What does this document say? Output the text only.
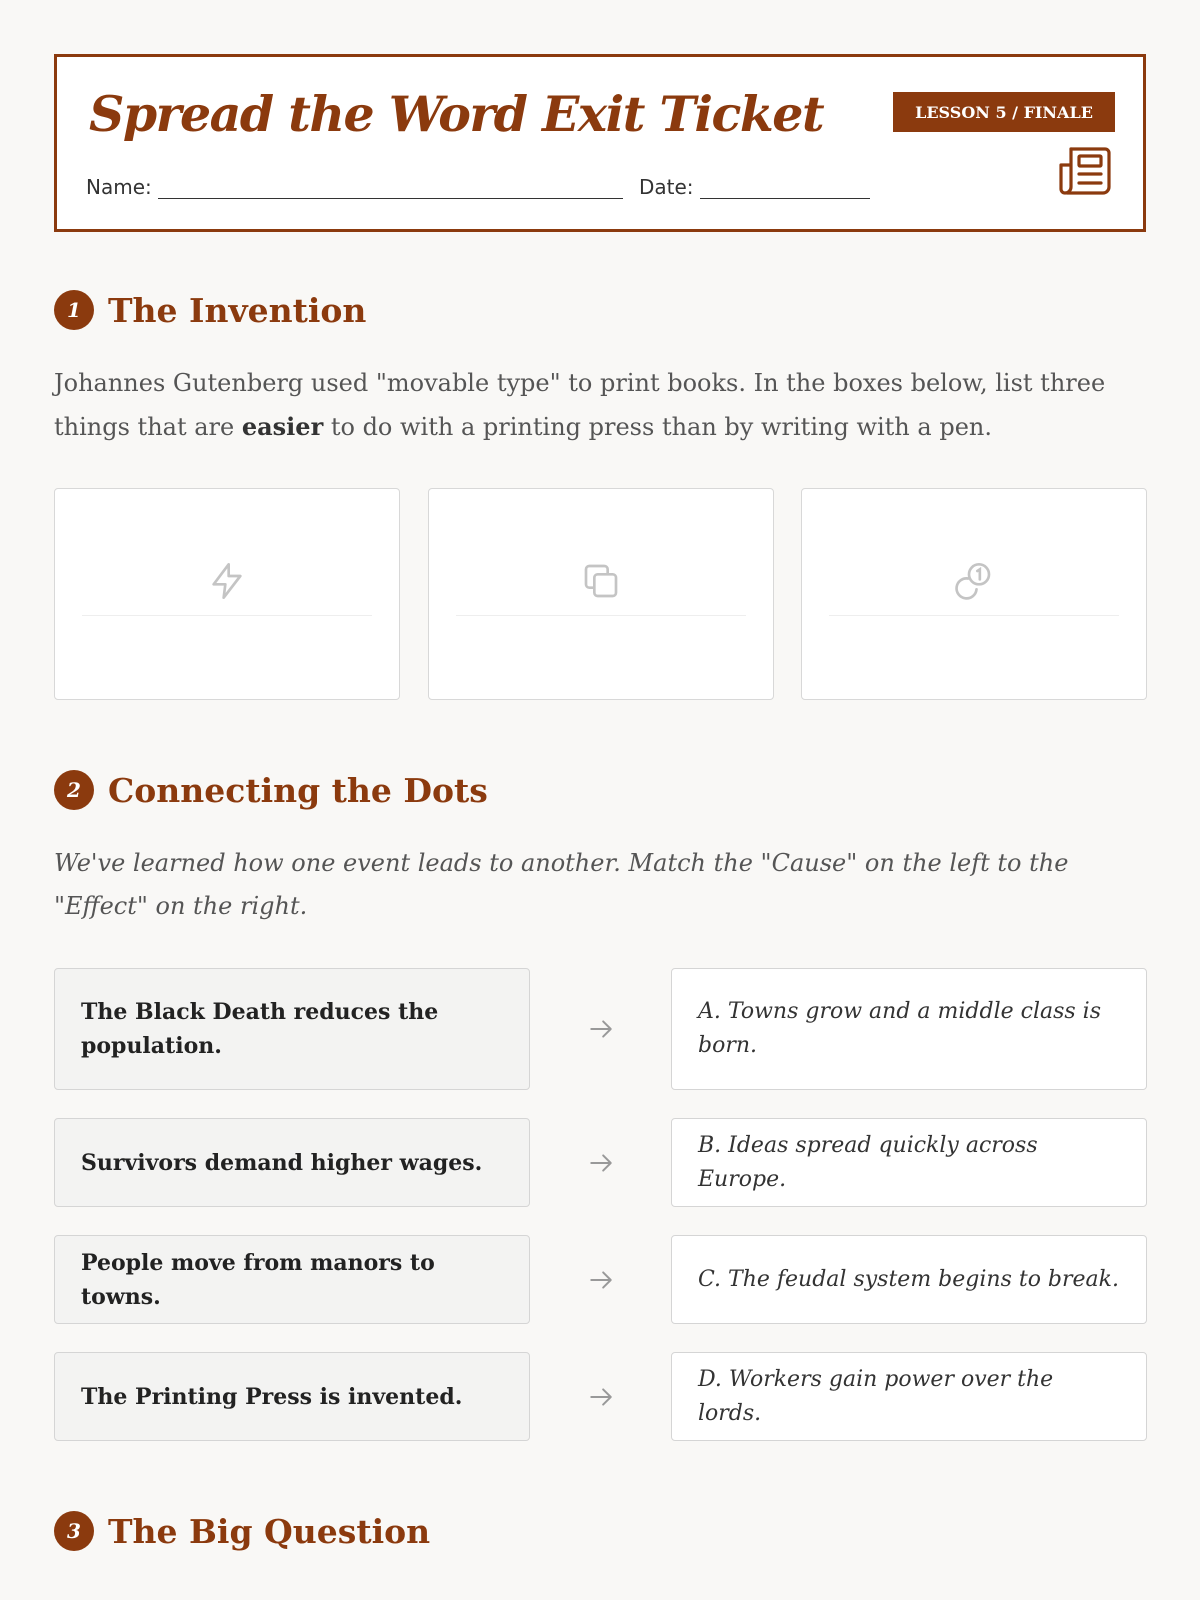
Spread the Word Exit Ticket	LESSON 5 / FINALE
Name:	Date:
1 The Invention
Johannes Gutenberg used "movable type" to print books. In the boxes below, list three things that are easier to do with a printing press than by writing with a pen.
2 Connecting the Dots
We've learned how one event leads to another. Match the "Cause" on the left to the "Effect" on the right.
The Black Death reduces the population.
Survivors demand higher wages.
People move from manors to towns.
The Printing Press is invented.
A. Towns grow and a middle class is born.
B. Ideas spread quickly across Europe.
C. The feudal system begins to break.
D. Workers gain power over the lords.
3 The Big Question
